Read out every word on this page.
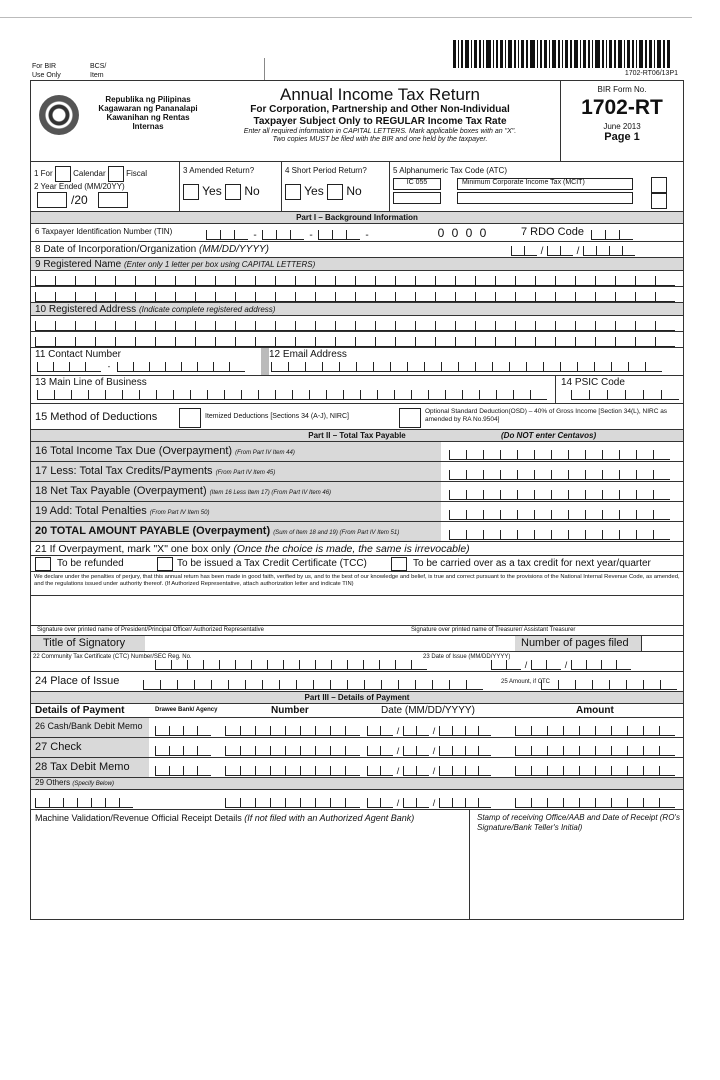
For BIR
Use Only
BCS/
Item	1702-RT06/13P1
Republika ng Pilipinas
Kagawaran ng Pananalapi
Kawanihan ng Rentas
Internas
Annual Income Tax Return
For Corporation, Partnership and Other Non-Individual
Taxpayer Subject Only to REGULAR Income Tax Rate
Enter all required information in CAPITAL LETTERS. Mark applicable boxes with an "X".
Two copies MUST be filed with the BIR and one held by the taxpayer.
BIR Form No.
1702-RT
June 2013
Page 1
1 For	Calendar	Fiscal
2 Year Ended (MM/20YY)
/20
3 Amended Return?
Yes No
4 Short Period Return?
Yes No
5 Alphanumeric Tax Code (ATC)
IC 055	Minimum Corporate Income Tax (MCIT)
Part I – Background Information
6 Taxpayer Identification Number (TIN)	-	-	-	0 0 0 0	7 RDO Code
8 Date of Incorporation/Organization (MM/DD/YYYY)	/	/
9 Registered Name (Enter only 1 letter per box using CAPITAL LETTERS)
10 Registered Address (Indicate complete registered address)
11 Contact Number	12 Email Address
-
13 Main Line of Business	14 PSIC Code
15 Method of Deductions	Itemized Deductions [Sections 34 (A-J), NIRC]
Optional Standard Deduction(OSD) – 40% of Gross Income [Section 34(L), NIRC as amended by RA No.9504]
Part II – Total Tax Payable	(Do NOT enter Centavos)
16 Total Income Tax Due (Overpayment) (From Part IV Item 44)
17 Less: Total Tax Credits/Payments (From Part IV Item 45)
18 Net Tax Payable (Overpayment) (Item 16 Less Item 17) (From Part IV Item 46)
19 Add: Total Penalties (From Part IV Item 50)
20 TOTAL AMOUNT PAYABLE (Overpayment) (Sum of Item 18 and 19) (From Part IV Item 51)
21 If Overpayment, mark "X" one box only (Once the choice is made, the same is irrevocable)
To be refunded	To be issued a Tax Credit Certificate (TCC)	To be carried over as a tax credit for next year/quarter
We declare under the penalties of perjury, that this annual return has been made in good faith, verified by us, and to the best of our knowledge and belief, is true and correct pursuant to the provisions of the National Internal Revenue Code, as amended, and the regulations issued under authority thereof. (If Authorized Representative, attach authorization letter and indicate TIN)
Signature over printed name of President/Principal Officer/ Authorized Representative	Signature over printed name of Treasurer/ Assistant Treasurer
Title of Signatory	Number of pages filed
22 Community Tax Certificate (CTC) Number/SEC Reg. No.	23 Date of Issue (MM/DD/YYYY)
/	/
24 Place of Issue	25 Amount, if CTC
Part III – Details of Payment
Details of Payment	Drawee Bank/ Agency	Number	Date (MM/DD/YYYY)	Amount
26 Cash/Bank Debit Memo	/	/
27 Check	/	/
28 Tax Debit Memo	/	/
29 Others (Specify Below)
/	/
Machine Validation/Revenue Official Receipt Details (If not filed with an Authorized Agent Bank)	Stamp of receiving Office/AAB and Date of Receipt (RO's Signature/Bank Teller's Initial)
